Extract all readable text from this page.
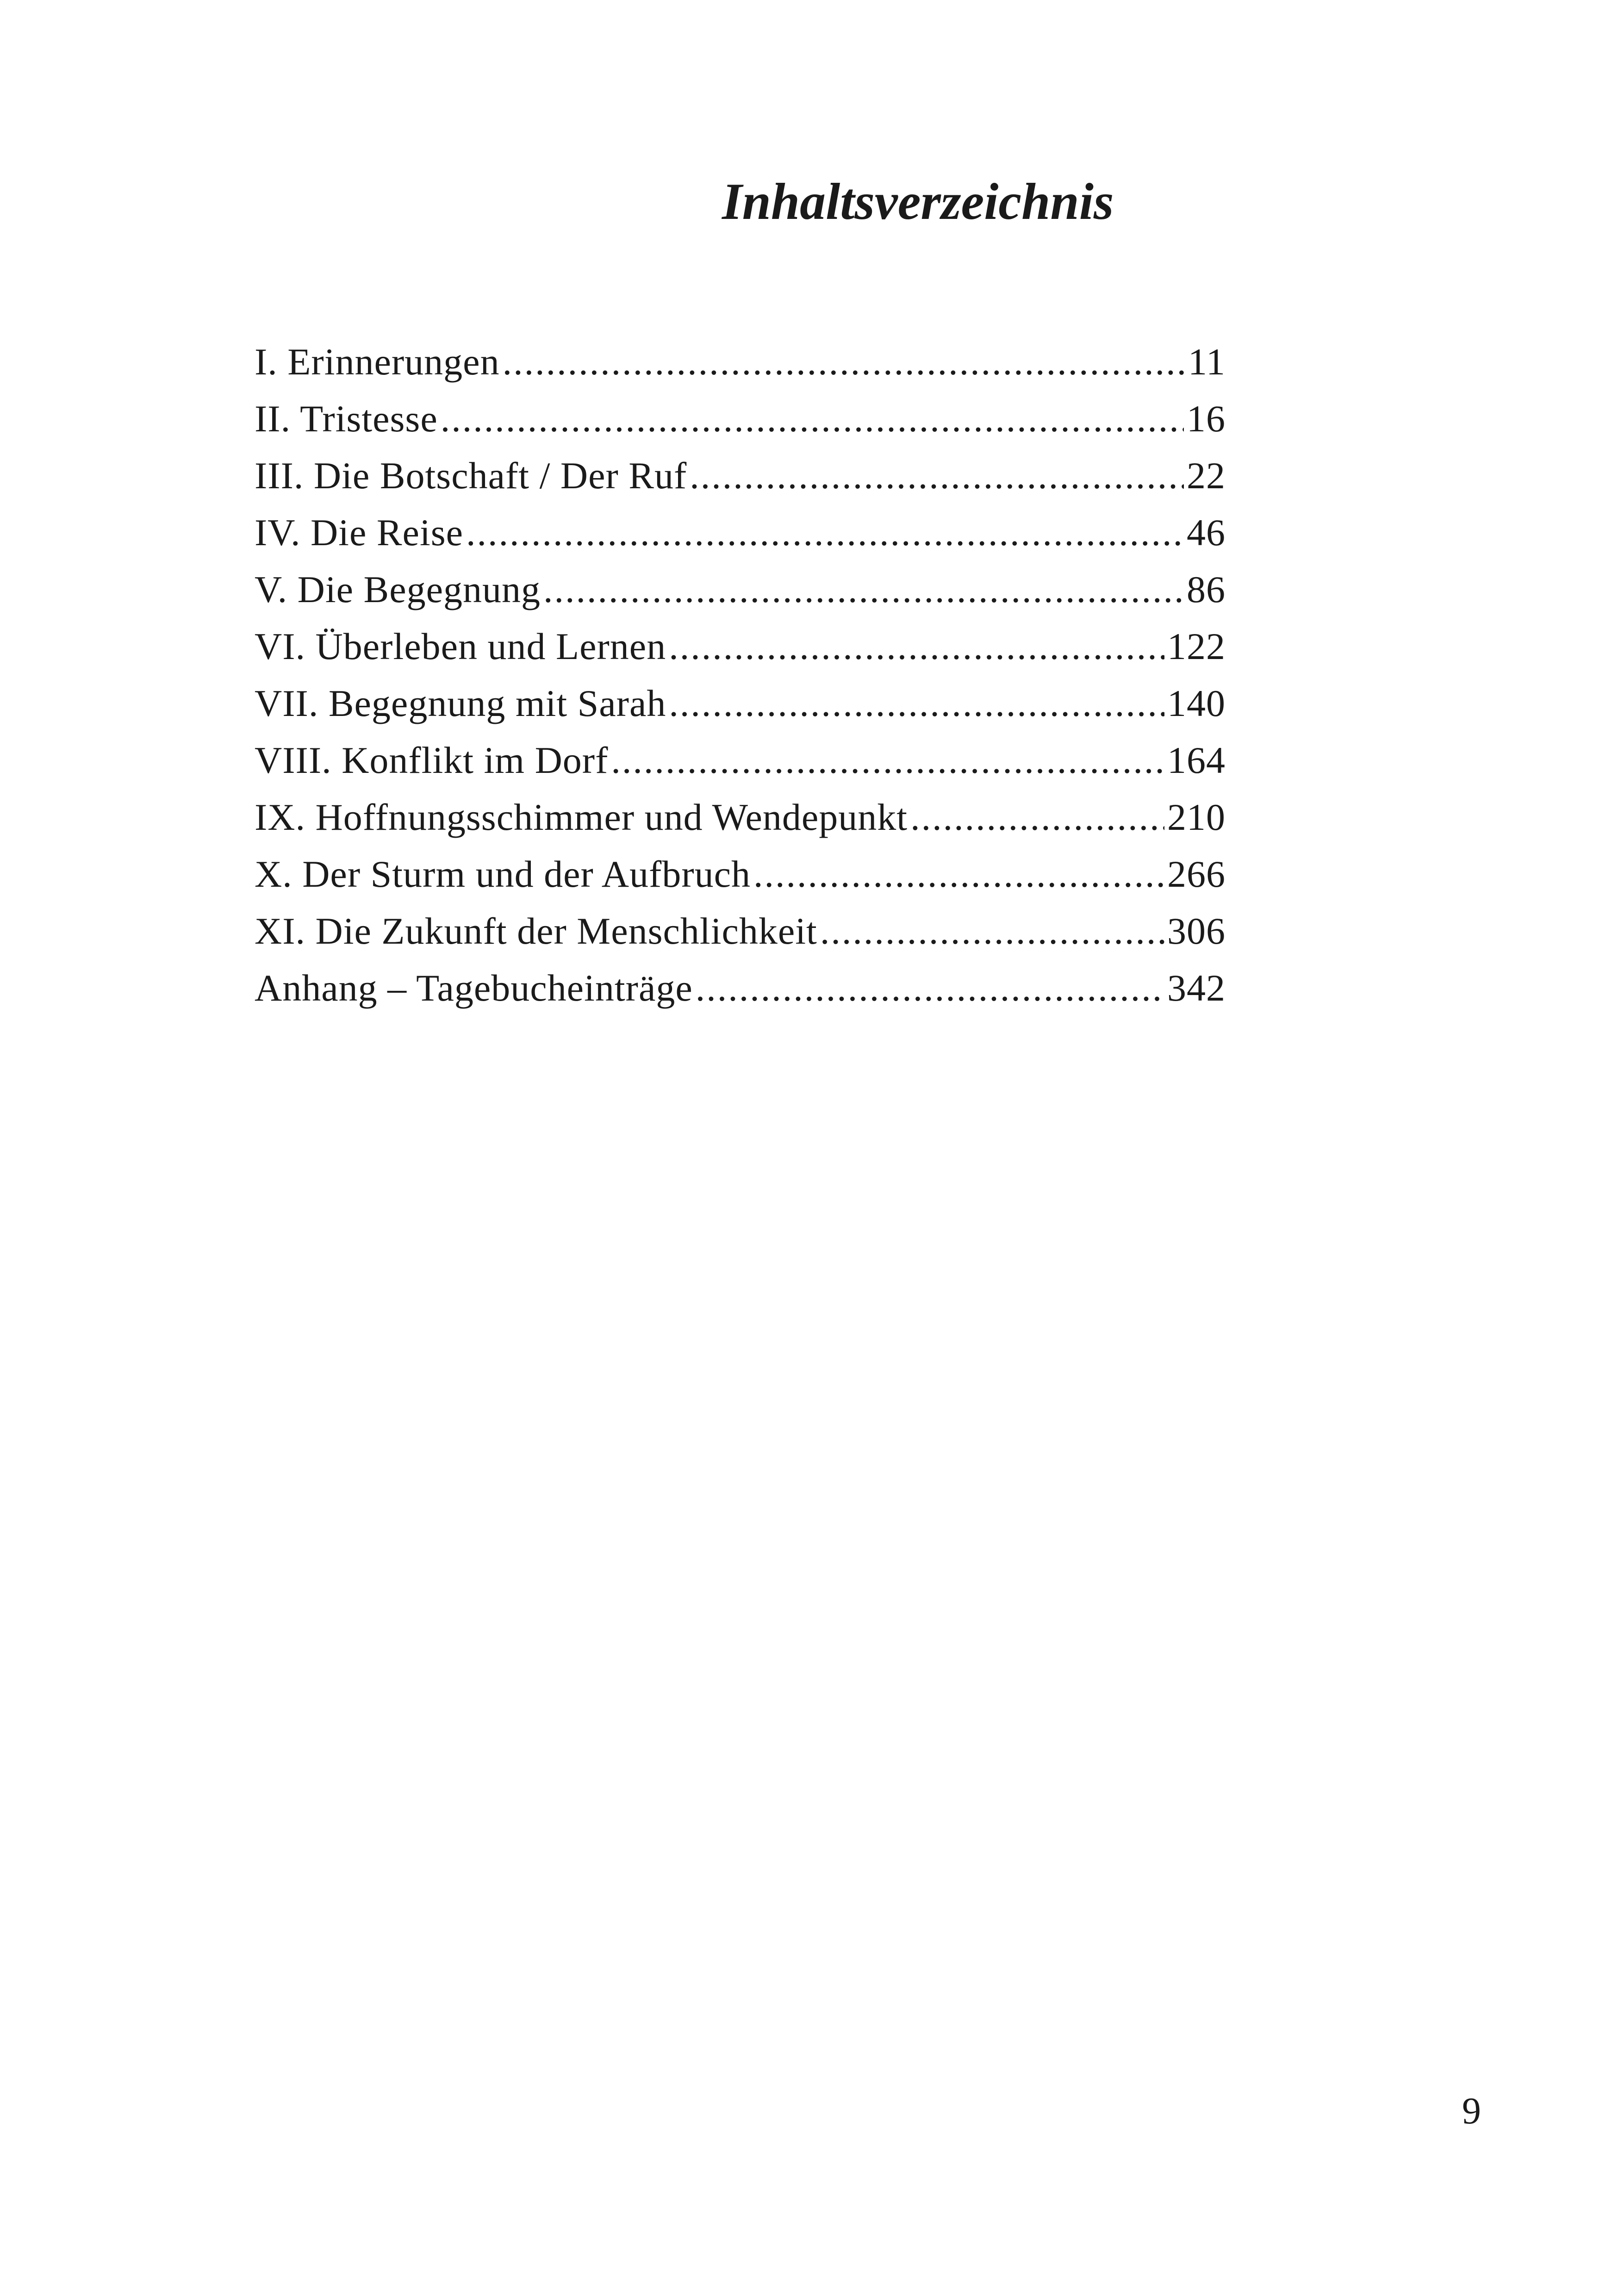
Inhaltsverzeichnis
I. Erinnerungen .....	11
II. Tristesse .....	16
III. Die Botschaft / Der Ruf .....	22
IV. Die Reise .....	46
V. Die Begegnung .....	86
VI. Überleben und Lernen .....	122
VII. Begegnung mit Sarah .....	140
VIII. Konflikt im Dorf .....	164
IX. Hoffnungsschimmer und Wendepunkt .....	210
X. Der Sturm und der Aufbruch .....	266
XI. Die Zukunft der Menschlichkeit .....	306
Anhang – Tagebucheinträge .....	342
9
